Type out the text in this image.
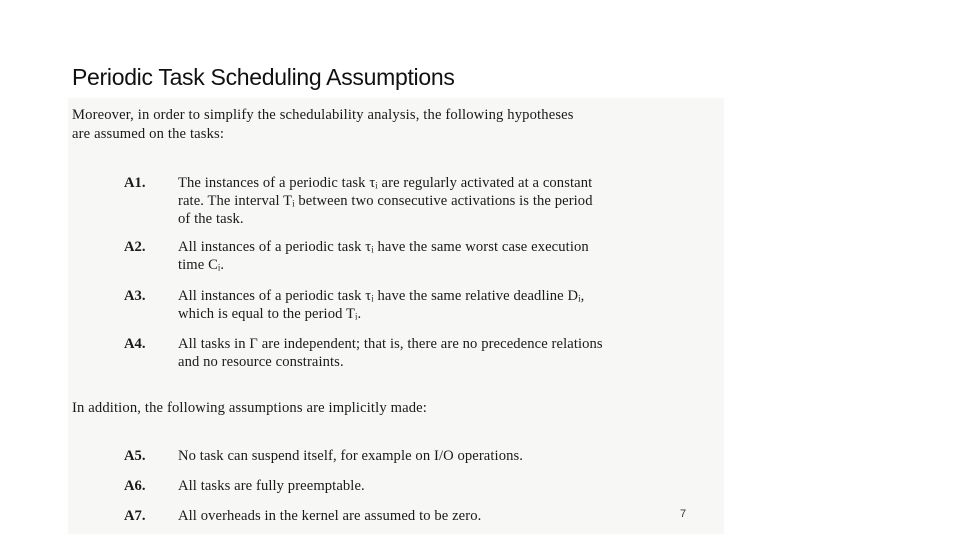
Periodic Task Scheduling Assumptions
Moreover, in order to simplify the schedulability analysis, the following hypotheses
are assumed on the tasks:
A1. The instances of a periodic task τᵢ are regularly activated at a constant
rate. The interval Tᵢ between two consecutive activations is the period
of the task.
A2. All instances of a periodic task τᵢ have the same worst case execution
time Cᵢ.
A3. All instances of a periodic task τᵢ have the same relative deadline Dᵢ,
which is equal to the period Tᵢ.
A4. All tasks in Γ are independent; that is, there are no precedence relations
and no resource constraints.
In addition, the following assumptions are implicitly made:
A5. No task can suspend itself, for example on I/O operations.
A6. All tasks are fully preemptable.
A7. All overheads in the kernel are assumed to be zero.	7
